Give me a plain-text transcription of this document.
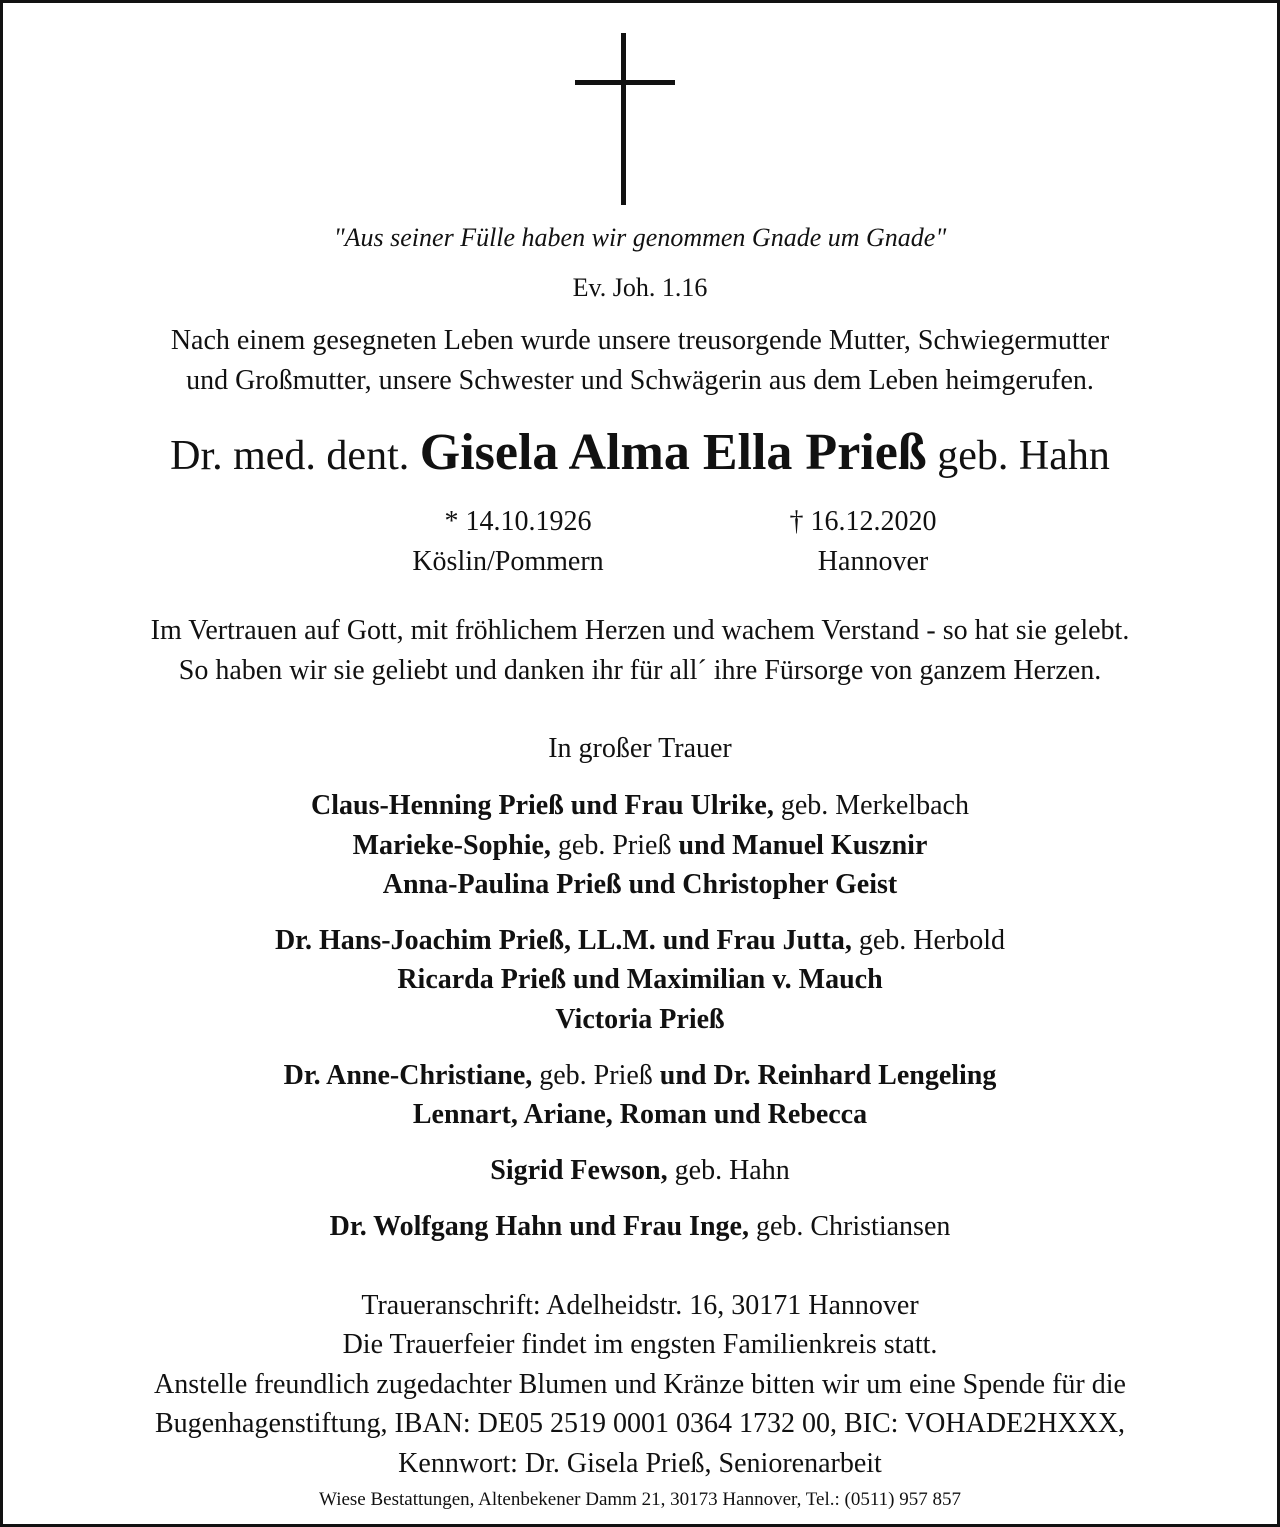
"Aus seiner Fülle haben wir genommen Gnade um Gnade"
Ev. Joh. 1.16
Nach einem gesegneten Leben wurde unsere treusorgende Mutter, Schwiegermutter
und Großmutter, unsere Schwester und Schwägerin aus dem Leben heimgerufen.
Dr. med. dent. Gisela Alma Ella Prieß geb. Hahn
* 14.10.1926
Köslin/Pommern
† 16.12.2020
Hannover
Im Vertrauen auf Gott, mit fröhlichem Herzen und wachem Verstand - so hat sie gelebt.
So haben wir sie geliebt und danken ihr für all´ ihre Fürsorge von ganzem Herzen.
In großer Trauer
Claus-Henning Prieß und Frau Ulrike, geb. Merkelbach
Marieke-Sophie, geb. Prieß und Manuel Kusznir
Anna-Paulina Prieß und Christopher Geist
Dr. Hans-Joachim Prieß, LL.M. und Frau Jutta, geb. Herbold
Ricarda Prieß und Maximilian v. Mauch
Victoria Prieß
Dr. Anne-Christiane, geb. Prieß und Dr. Reinhard Lengeling
Lennart, Ariane, Roman und Rebecca
Sigrid Fewson, geb. Hahn
Dr. Wolfgang Hahn und Frau Inge, geb. Christiansen
Traueranschrift: Adelheidstr. 16, 30171 Hannover
Die Trauerfeier findet im engsten Familienkreis statt.
Anstelle freundlich zugedachter Blumen und Kränze bitten wir um eine Spende für die
Bugenhagenstiftung, IBAN: DE05 2519 0001 0364 1732 00, BIC: VOHADE2HXXX,
Kennwort: Dr. Gisela Prieß, Seniorenarbeit
Wiese Bestattungen, Altenbekener Damm 21, 30173 Hannover, Tel.: (0511) 957 857
